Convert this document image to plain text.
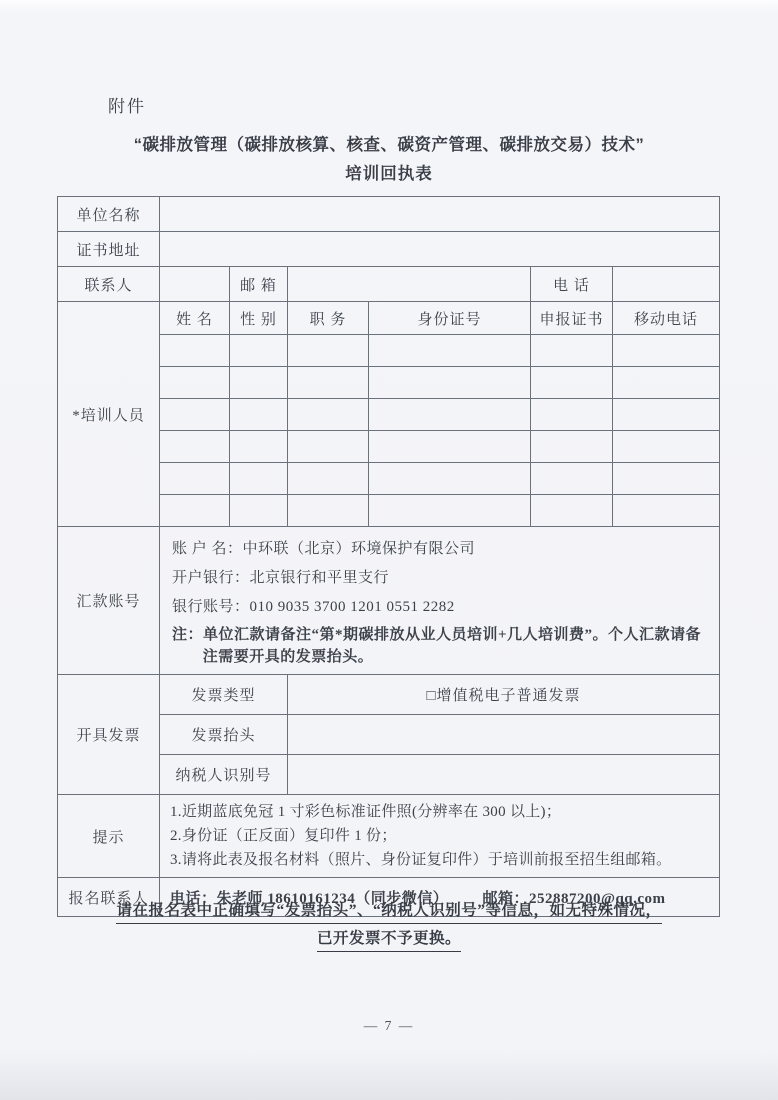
附件
“碳排放管理（碳排放核算、核查、碳资产管理、碳排放交易）技术”
培训回执表
单位名称						
证书地址						
联系人		邮 箱			电 话	
*培训人员	姓 名	性 别	职 务	身份证号	申报证书	移动电话

汇款账号	账 户 名：中环联（北京）环境保护有限公司
开户银行：北京银行和平里支行
银行账号：010 9035 3700 1201 0551 2282
注：单位汇款请备注“第*期碳排放从业人员培训+几人培训费”。个人汇款请备注需要开具的发票抬头。					

开具发票	发票类型		□增值税电子普通发票			
	发票抬头					
	纳税人识别号					
提示	1.近期蓝底免冠 1 寸彩色标准证件照(分辨率在 300 以上)；
2.身份证（正反面）复印件 1 份；
3.请将此表及报名材料（照片、身份证复印件）于培训前报至招生组邮箱。					

报名联系人	电话：朱老师 18610161234（同步微信） 邮箱：252887200@qq.com					
请在报名表中正确填写“发票抬头”、“纳税人识别号”等信息，如无特殊情况，
已开发票不予更换。
— 7 —
